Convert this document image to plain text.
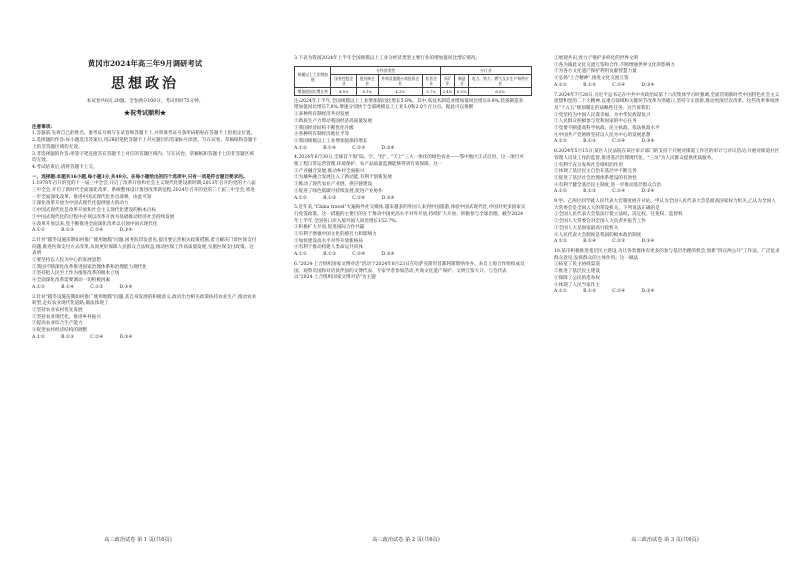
黄冈市2024年高三年9月调研考试

思想政治

本试卷共6页,20题。全卷满分100分。考试用时75分钟。

★祝考试顺利★

注意事项:

1.答题前,先将自己的姓名、准考证号填写在试卷和答题卡上,并将准考证号条形码粘贴在答题卡上的指定位置。

2.选择题的作答:每小题选出答案后,用2B铅笔把答题卡上对应题目的答案标号涂黑。写在试卷、草稿纸和答题卡上的非答题区域均无效。

3.非选择题的作答:用签字笔直接答在答题卡上对应的答题区域内。写在试卷、草稿纸和答题卡上的非答题区域均无效。

4.考试结束后,请将答题卡上交。

一、选择题:本题共16小题,每小题3分,共48分。在每小题给出的四个选项中,只有一项是符合题目要求的。

1.1978年召开的党的十一届三中全会,开启了改革开放和社会主义现代化建设新时期;2013年召开的党的十八届三中全会,开启了新时代全面深化改革、系统整体设计推进改革新征程;2024年召开的党的二十届三中全会,将进一步全面深化改革、推进中国式现代化作出部署。由此可知

①深化改革开放为中国式现代化提供强大的动力

②中国式现代化是改革开放和社会主义现代化建设的根本目标

③中国式现代化的过程中必须以改革开放为基础推动经济社会持续发展

④改革开放以来,党不断推进全面深化改革以引领中国式现代化

A.①②	B.①③	C.②④	D.③④

2.针对"越冬设施苗期如何推广使用地膜"问题,国务院印发意见,提出要完善相关政策措施,着力解决门诊医保支付问题,推进医保支付方式改革,从而更好保障人民群众合法权益,推动医保工作高质量发展,实施医保支付政策。这表明

①要坚持以人民为中心的发展思想

②我国不断深化改革推进国家治理体系和治理能力现代化

③坚持把人民至上作为推进改革的根本立场

④全面深化改革需要调动一切积极因素

A.①②	B.①④	C.②③	D.③④

3.针对"越冬设施苗期如何推广使用地膜"问题,其自身发展的积极意义,政府出台相关政策扶持农业生产,推动农业转型,走好农业现代化道路,做法体现了

①坚持农业农村优先发展

②坚持农业现代化、推进乡村振兴

③提高农业综合生产能力

④促进农村经济结构的调整

A.①②	B.①③	C.②④	D.③④

高三政治试卷 第 1 页(共6页)

3.下表为我国2024年上半年全国规模以上工业分经济类型主要行业的增加值同比增长情况。

规模以上工业增加值	分经济类型				分行业		
	国有控股企业	股份制企业	外商及港澳台商投资企业	私营企业	采矿业	制造业	电力、热力、燃气及水生产和供应业
增加值同比增长率	4.8%	6.1%	4.2%	5.7%	2.4%	6.5%	6.0%

注:2024年上半年,全国规模以上工业增加值同比增长5.8%。其中,高技术制造业增加值同比增长8.8%,装备制造业增加值同比增长7.8%,增速分别快于全部规模以上工业3.0和2.0个百分点。据此可以推断

①多种所有制经济共同发展

②新质生产力带动我国经济高质量发展

③我国经济结构不断优化升级

④各种所有制经济地位平等

⑤我国规模以上工业增加值保持增长

A.①②	B.①④	C.②③	D.③④

4.2024年6月30日,全球首个海"陆、空、"投"、"天上"三大一体化的绿色农业——鄂中地区正式启用。这一项目可使工程日常运营管理,环境保护、农产品质量监测能够得到有效保障。这一

①产业融合发展,推动乡村全面振兴

②为城乡融合发展注入了新动能,有利于创新发展

③推动了现代农业产业链、供应链建设

④促进了绿色低碳可持续发展,促进产业协作

A.①②	B.①③	C.②④	D.③④

5.近年来,"China travel"火遍海外社交媒体,越来越多的外国人来到中国旅游,体验中国式现代化,中国对更多国家实行免签政策。这一措施的主要目的在于推动中国更高水平对外开放,持续扩大开放、积极参与全球治理。截至2024年上半年,全国各口岸入境外国人同比增长152.7%。

①积极扩大开放,促进国际合作共赢

②有利于增强中国文化的感召力和影响力

③加快建设高水平对外开放新格局

④有利于推动构建人类命运共同体

A.①②	B.①③	C.②④	D.③④

6."2024·上合组织国家文博对话"活动于2024年6月23日在哈萨克斯坦首都阿斯塔纳举办。来自上海合作组织成员国、观察员国和对话伙伴国的文博代表、专家学者参加活动,共商文化遗产保护、文明互鉴大计。与会代表以"2024·上合组织国家文博对话"为主题

高三政治试卷 第 2 页(共6页)

①展现共识,致力于推护多样化的世界文明

②各为彼此文化交流互鉴和合作,不断增强世界文化的影响力

③为各方文化遗产保护利用贡献智慧力量

④弘扬"上合精神",推进文化交流互鉴

A.①②	B.①③	C.②④	D.③④

7.2024年7月28日,习近平总书记在中共中央政治局第十六次集体学习时强调,全面贯彻新时代中国特色社会主义思想和党的二十大精神,以重点领域和关键环节改革为突破口,坚持守正创新,推动更深层次改革。这些改革事项涉及"十五五"规划制定的战略性任务。这告诉我们

①党坚持为中国人民谋幸福、为中华民族谋复兴

②人民群众积极参与党和国家的中心任务

③党要不断提高科学执政、民主执政、依法执政水平

④中国共产党始终坚持以人民为中心的发展思想

A.①②	B.①③	C.②④	D.③④

8.2024年5月15日,某区人民法院在该区审计部门的支持下开展对街道工作区的审计与评议活动,开展对街道社区管理人员及工作的监督,推进基层治理现代化。"三员"为人民群众提供优质服务。

①有利于充分发挥社会组织的作用

②体现了基层民主自治在基层中不断完善

③促进了基层社会治理体系建设的有效性

④有利于健全基层民主制度,进一步推动基层群众自治

A.①②	B.①③	C.②④	D.③④

9.甲、乙两位同学就人民代表大会制度展开讨论。甲认为全国人民代表大会是最高国家权力机关,乙认为全国人大常委会是全国人大的常设机关。下列说法正确的是

①全国人民代表大会依法行使立法权、决定权、任免权、监督权

②全国人大常委会对全国人大负责并报告工作

③全国人大是国家最高行政机关

④人民代表大会制度是我国的根本政治制度

A.①②	B.①④	C.②③	D.③④

10.某市积极推进基层民主建设,为让各类群体有更多的参与基层治理的机会,创新"四议两公开"工作法。广泛征求群众意见,发挥群众的主体作用。这一做法

①拓宽了民主协商渠道

②推进了基层民主建设

③保障了公民的选举权

④体现了人民当家作主

A.①②	B.①③	C.②④	D.③④

高三政治试卷 第 3 页(共6页)
